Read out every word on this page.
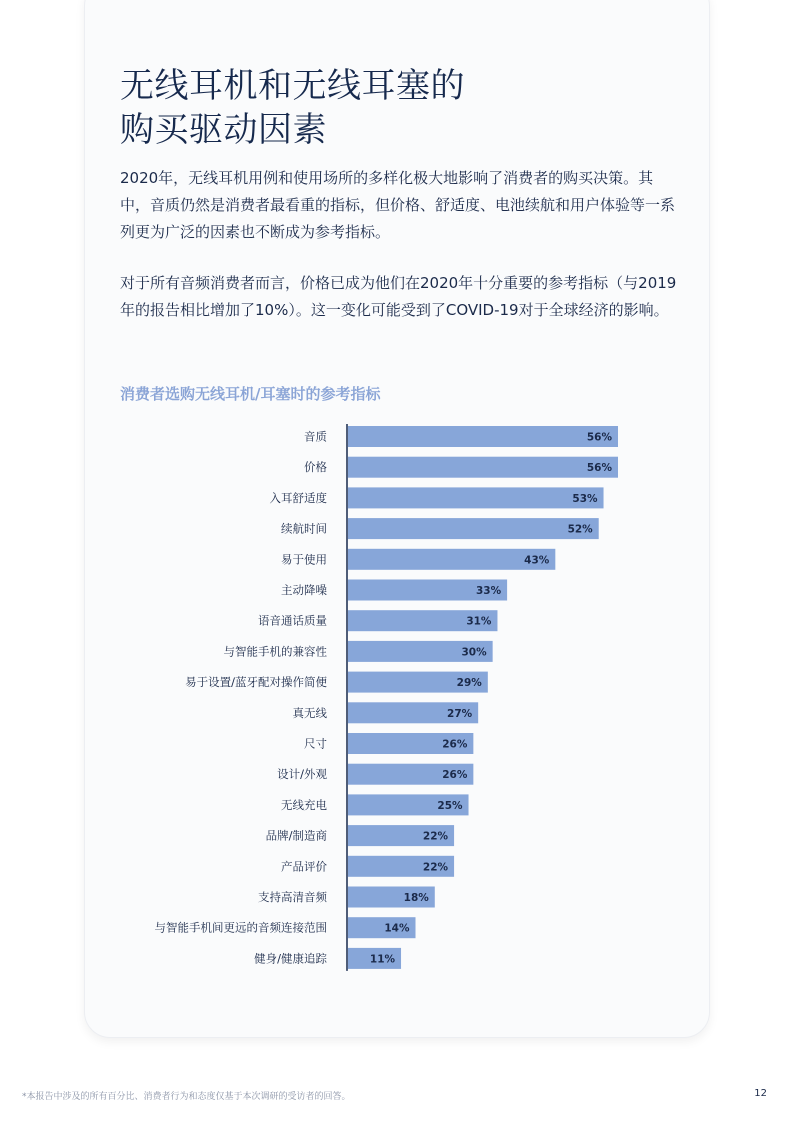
无线耳机和无线耳塞的
购买驱动因素

2020年，无线耳机用例和使用场所的多样化极大地影响了消费者的购买决策。其中，音质仍然是消费者最看重的指标，但价格、舒适度、电池续航和用户体验等一系列更为广泛的因素也不断成为参考指标。

对于所有音频消费者而言，价格已成为他们在2020年十分重要的参考指标（与2019年的报告相比增加了10%）。这一变化可能受到了COVID-19对于全球经济的影响。

消费者选购无线耳机/耳塞时的参考指标

音质	56%
价格	56%
入耳舒适度	53%
续航时间	52%
易于使用	43%
主动降噪	33%
语音通话质量	31%
与智能手机的兼容性	30%
易于设置/蓝牙配对操作简便	29%
真无线	27%
尺寸	26%
设计/外观	26%
无线充电	25%
品牌/制造商	22%
产品评价	22%
支持高清音频	18%
与智能手机间更远的音频连接范围	14%
健身/健康追踪	11%
*本报告中涉及的所有百分比、消费者行为和态度仅基于本次调研的受访者的回答。	12
